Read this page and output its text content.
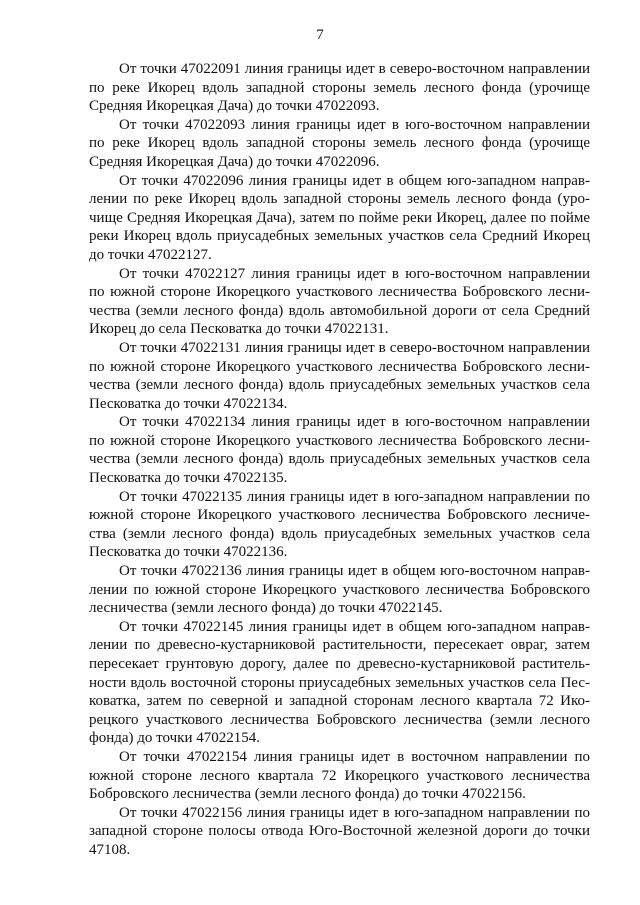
7

От точки 47022091 линия границы идет в северо-восточном направлении
по реке Икорец вдоль западной стороны земель лесного фонда (урочище
Средняя Икорецкая Дача) до точки 47022093.

От точки 47022093 линия границы идет в юго-восточном направлении
по реке Икорец вдоль западной стороны земель лесного фонда (урочище
Средняя Икорецкая Дача) до точки 47022096.

От точки 47022096 линия границы идет в общем юго-западном направ-
лении по реке Икорец вдоль западной стороны земель лесного фонда (уро-
чище Средняя Икорецкая Дача), затем по пойме реки Икорец, далее по пойме
реки Икорец вдоль приусадебных земельных участков села Средний Икорец
до точки 47022127.

От точки 47022127 линия границы идет в юго-восточном направлении
по южной стороне Икорецкого участкового лесничества Бобровского лесни-
чества (земли лесного фонда) вдоль автомобильной дороги от села Средний
Икорец до села Песковатка до точки 47022131.

От точки 47022131 линия границы идет в северо-восточном направлении
по южной стороне Икорецкого участкового лесничества Бобровского лесни-
чества (земли лесного фонда) вдоль приусадебных земельных участков села
Песковатка до точки 47022134.

От точки 47022134 линия границы идет в юго-восточном направлении
по южной стороне Икорецкого участкового лесничества Бобровского лесни-
чества (земли лесного фонда) вдоль приусадебных земельных участков села
Песковатка до точки 47022135.

От точки 47022135 линия границы идет в юго-западном направлении по
южной стороне Икорецкого участкового лесничества Бобровского лесниче-
ства (земли лесного фонда) вдоль приусадебных земельных участков села
Песковатка до точки 47022136.

От точки 47022136 линия границы идет в общем юго-восточном направ-
лении по южной стороне Икорецкого участкового лесничества Бобровского
лесничества (земли лесного фонда) до точки 47022145.

От точки 47022145 линия границы идет в общем юго-западном направ-
лении по древесно-кустарниковой растительности, пересекает овраг, затем
пересекает грунтовую дорогу, далее по древесно-кустарниковой раститель-
ности вдоль восточной стороны приусадебных земельных участков села Пес-
коватка, затем по северной и западной сторонам лесного квартала 72 Ико-
рецкого участкового лесничества Бобровского лесничества (земли лесного
фонда) до точки 47022154.

От точки 47022154 линия границы идет в восточном направлении по
южной стороне лесного квартала 72 Икорецкого участкового лесничества
Бобровского лесничества (земли лесного фонда) до точки 47022156.

От точки 47022156 линия границы идет в юго-западном направлении по
западной стороне полосы отвода Юго-Восточной железной дороги до точки
47108.
